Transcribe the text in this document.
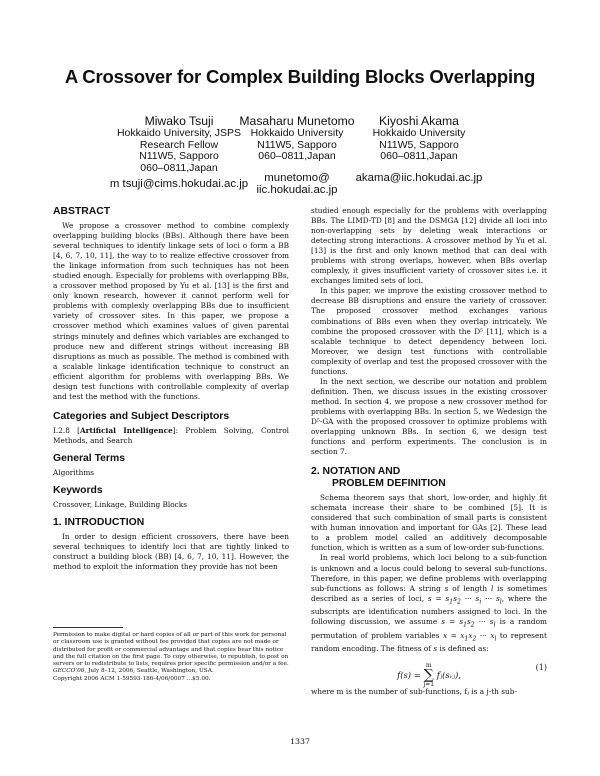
A Crossover for Complex Building Blocks Overlapping
Miwako Tsuji
Hokkaido University, JSPS
Research Fellow
N11W5, Sapporo
060–0811,Japan
m tsuji@cims.hokudai.ac.jp
Masaharu Munetomo
Hokkaido University
N11W5, Sapporo
060–0811,Japan
munetomo@
iic.hokudai.ac.jp
Kiyoshi Akama
Hokkaido University
N11W5, Sapporo
060–0811,Japan
akama@iic.hokudai.ac.jp
ABSTRACT

We propose a crossover method to combine complexly overlapping building blocks (BBs). Although there have been several techniques to identify linkage sets of loci o form a BB [4, 6, 7, 10, 11], the way to to realize effective crossover from the linkage information from such techniques has not been studied enough. Especially for problems with overlapping BBs, a crossover method proposed by Yu et al. [13] is the first and only known research, however it cannot perform well for problems with complexly overlapping BBs due to insufficient variety of crossover sites. In this paper, we propose a crossover method which examines values of given parental strings minutely and defines which variables are exchanged to produce new and different strings without increasing BB disruptions as much as possible. The method is combined with a scalable linkage identification technique to construct an efficient algorithm for problems with overlapping BBs. We design test functions with controllable complexity of overlap and test the method with the functions.

Categories and Subject Descriptors

I.2.8 [Artificial Intelligence]: Problem Solving, Control Methods, and Search

General Terms

Algorithms

Keywords

Crossover, Linkage, Building Blocks

1. INTRODUCTION

In order to design efficient crossovers, there have been several techniques to identify loci that are tightly linked to construct a building block (BB) [4, 6, 7, 10, 11]. However, the method to exploit the information they provide has not been

Permission to make digital or hard copies of all or part of this work for personal or classroom use is granted without fee provided that copies are not made or distributed for profit or commercial advantage and that copies bear this notice and the full citation on the first page. To copy otherwise, to republish, to post on servers or to redistribute to lists, requires prior specific permission and/or a fee.

GECCO’06, July 8–12, 2006, Seattle, Washington, USA.

Copyright 2006 ACM 1-59593-186-4/06/0007 ...$5.00.

studied enough especially for the problems with overlapping BBs. The LIMD-TD [8] and the DSMGA [12] divide all loci into non-overlapping sets by deleting weak interactions or detecting strong interactions. A crossover method by Yu et al. [13] is the first and only known method that can deal with problems with strong overlaps, however, when BBs overlap complexly, it gives insufficient variety of crossover sites i.e. it exchanges limited sets of loci.

In this paper, we improve the existing crossover method to decrease BB disruptions and ensure the variety of crossover. The proposed crossover method exchanges various combinations of BBs even when they overlap intricately. We combine the proposed crossover with the D⁵ [11], which is a scalable technique to detect dependency between loci. Moreover, we design test functions with controllable complexity of overlap and test the proposed crossover with the functions.

In the next section, we describe our notation and problem definition. Then, we discuss issues in the existing crossover method. In section 4, we propose a new crossover method for problems with overlapping BBs. In section 5, we Wedesign the D⁵-GA with the proposed crossover to optimize problems with overlapping unknown BBs. In section 6, we design test functions and perform experiments. The conclusion is in section 7.

2. NOTATION AND
PROBLEM DEFINITION

Schema theorem says that short, low-order, and highly fit schemata increase their share to be combined [5]. It is considered that such combination of small parts is consistent with human innovation and important for GAs [2]. These lead to a problem model called an additively decomposable function, which is written as a sum of low-order sub-functions.

In real world problems, which loci belong to a sub-function is unknown and a locus could belong to several sub-functions. Therefore, in this paper, we define problems with overlapping sub-functions as follows: A string s of length l is sometimes described as a series of loci, $s = s_1s_2$ ··· $s_i$ ··· $s_l$, where the subscripts are identification numbers assigned to loci. In the following discussion, we assume $s = s_1s_2$ ··· $s_l$ is a random permutation of problem variables $x = x_1x_2$ ··· $x_l$ to represent random encoding. The fitness of s is defined as:

f(s) = m
∑
j=1 fⱼ(sᵥⱼ),
(1)

where m is the number of sub-functions, fⱼ is a j-th sub-

1337
